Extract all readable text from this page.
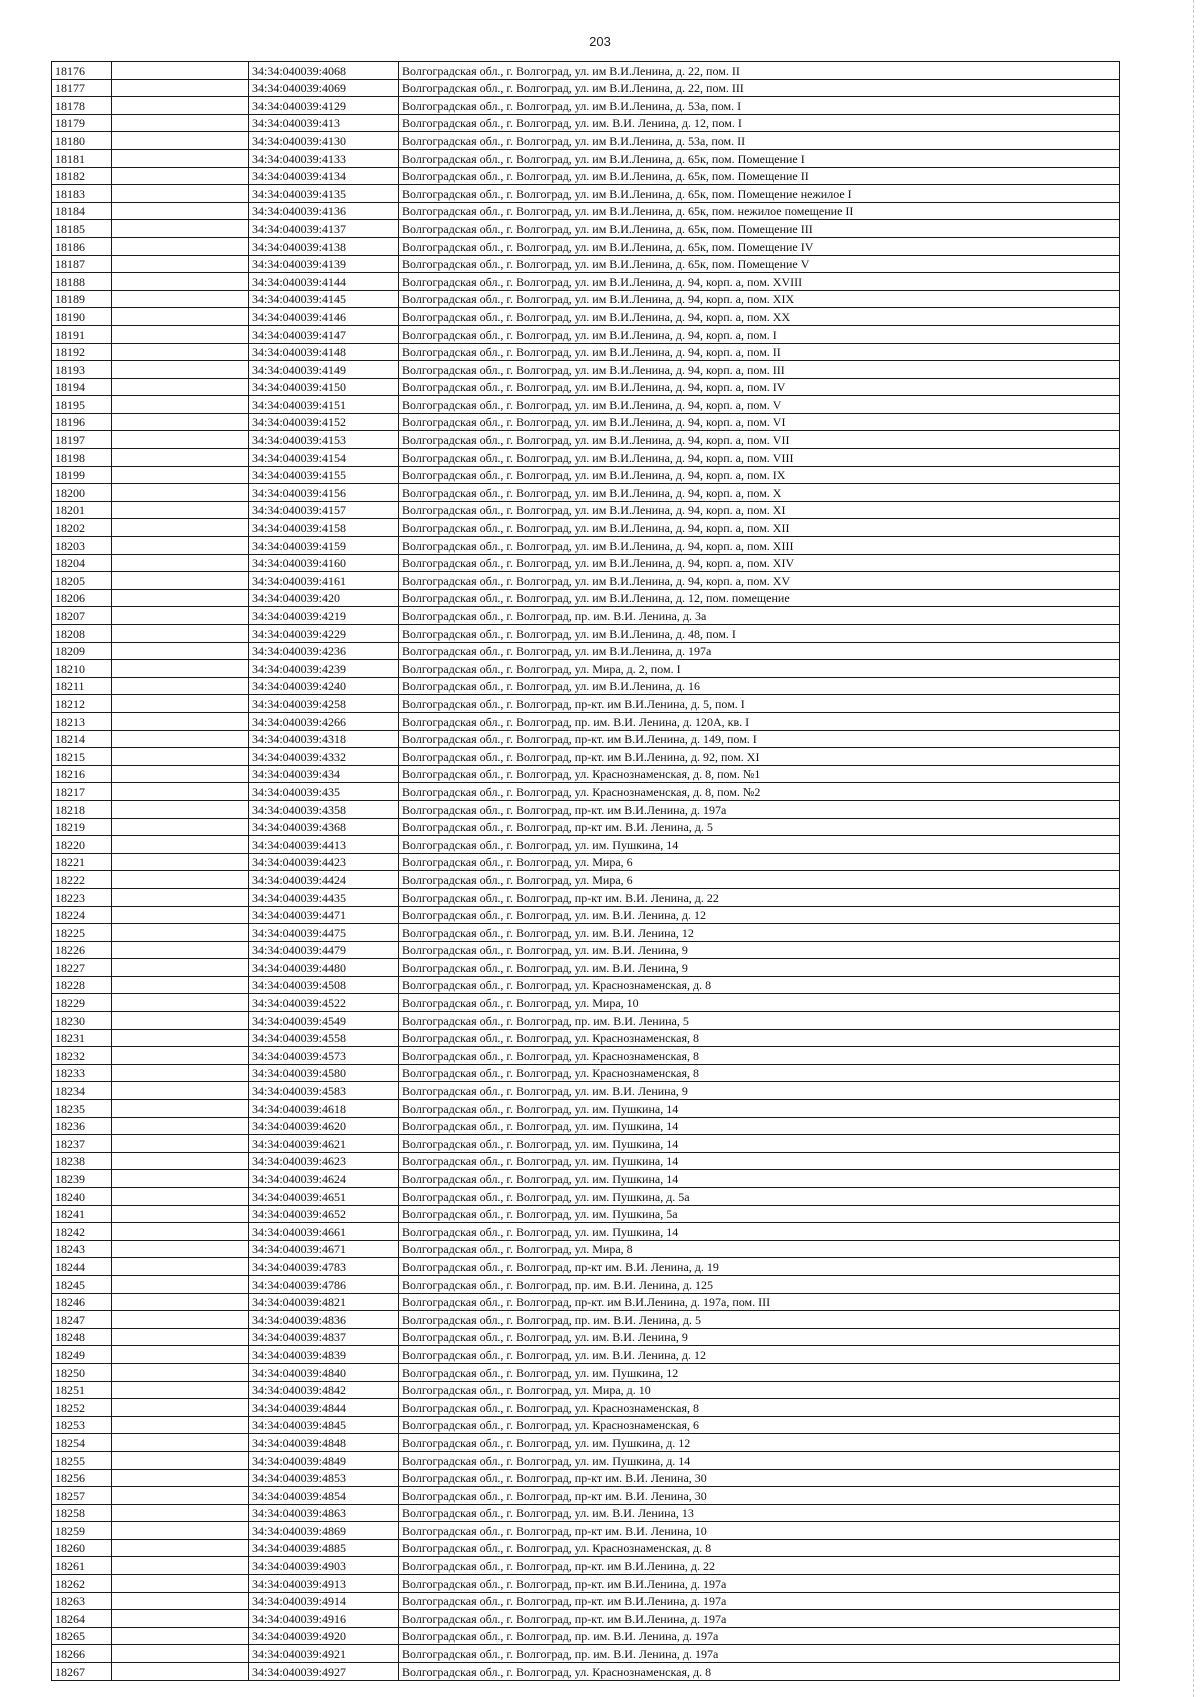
203
18176		34:34:040039:4068	Волгоградская обл., г. Волгоград, ул. им В.И.Ленина, д. 22, пом. II
18177		34:34:040039:4069	Волгоградская обл., г. Волгоград, ул. им В.И.Ленина, д. 22, пом. III
18178		34:34:040039:4129	Волгоградская обл., г. Волгоград, ул. им В.И.Ленина, д. 53а, пом. I
18179		34:34:040039:413	Волгоградская обл., г. Волгоград, ул. им. В.И. Ленина, д. 12, пом. I
18180		34:34:040039:4130	Волгоградская обл., г. Волгоград, ул. им В.И.Ленина, д. 53а, пом. II
18181		34:34:040039:4133	Волгоградская обл., г. Волгоград, ул. им В.И.Ленина, д. 65к, пом. Помещение I
18182		34:34:040039:4134	Волгоградская обл., г. Волгоград, ул. им В.И.Ленина, д. 65к, пом. Помещение II
18183		34:34:040039:4135	Волгоградская обл., г. Волгоград, ул. им В.И.Ленина, д. 65к, пом. Помещение нежилое I
18184		34:34:040039:4136	Волгоградская обл., г. Волгоград, ул. им В.И.Ленина, д. 65к, пом. нежилое помещение II
18185		34:34:040039:4137	Волгоградская обл., г. Волгоград, ул. им В.И.Ленина, д. 65к, пом. Помещение III
18186		34:34:040039:4138	Волгоградская обл., г. Волгоград, ул. им В.И.Ленина, д. 65к, пом. Помещение IV
18187		34:34:040039:4139	Волгоградская обл., г. Волгоград, ул. им В.И.Ленина, д. 65к, пом. Помещение V
18188		34:34:040039:4144	Волгоградская обл., г. Волгоград, ул. им В.И.Ленина, д. 94, корп. а, пом. XVIII
18189		34:34:040039:4145	Волгоградская обл., г. Волгоград, ул. им В.И.Ленина, д. 94, корп. а, пом. XIX
18190		34:34:040039:4146	Волгоградская обл., г. Волгоград, ул. им В.И.Ленина, д. 94, корп. а, пом. XX
18191		34:34:040039:4147	Волгоградская обл., г. Волгоград, ул. им В.И.Ленина, д. 94, корп. а, пом. I
18192		34:34:040039:4148	Волгоградская обл., г. Волгоград, ул. им В.И.Ленина, д. 94, корп. а, пом. II
18193		34:34:040039:4149	Волгоградская обл., г. Волгоград, ул. им В.И.Ленина, д. 94, корп. а, пом. III
18194		34:34:040039:4150	Волгоградская обл., г. Волгоград, ул. им В.И.Ленина, д. 94, корп. а, пом. IV
18195		34:34:040039:4151	Волгоградская обл., г. Волгоград, ул. им В.И.Ленина, д. 94, корп. а, пом. V
18196		34:34:040039:4152	Волгоградская обл., г. Волгоград, ул. им В.И.Ленина, д. 94, корп. а, пом. VI
18197		34:34:040039:4153	Волгоградская обл., г. Волгоград, ул. им В.И.Ленина, д. 94, корп. а, пом. VII
18198		34:34:040039:4154	Волгоградская обл., г. Волгоград, ул. им В.И.Ленина, д. 94, корп. а, пом. VIII
18199		34:34:040039:4155	Волгоградская обл., г. Волгоград, ул. им В.И.Ленина, д. 94, корп. а, пом. IX
18200		34:34:040039:4156	Волгоградская обл., г. Волгоград, ул. им В.И.Ленина, д. 94, корп. а, пом. X
18201		34:34:040039:4157	Волгоградская обл., г. Волгоград, ул. им В.И.Ленина, д. 94, корп. а, пом. XI
18202		34:34:040039:4158	Волгоградская обл., г. Волгоград, ул. им В.И.Ленина, д. 94, корп. а, пом. XII
18203		34:34:040039:4159	Волгоградская обл., г. Волгоград, ул. им В.И.Ленина, д. 94, корп. а, пом. XIII
18204		34:34:040039:4160	Волгоградская обл., г. Волгоград, ул. им В.И.Ленина, д. 94, корп. а, пом. XIV
18205		34:34:040039:4161	Волгоградская обл., г. Волгоград, ул. им В.И.Ленина, д. 94, корп. а, пом. XV
18206		34:34:040039:420	Волгоградская обл., г. Волгоград, ул. им В.И.Ленина, д. 12, пом. помещение
18207		34:34:040039:4219	Волгоградская обл., г. Волгоград, пр. им. В.И. Ленина, д. 3а
18208		34:34:040039:4229	Волгоградская обл., г. Волгоград, ул. им В.И.Ленина, д. 48, пом. I
18209		34:34:040039:4236	Волгоградская обл., г. Волгоград, ул. им В.И.Ленина, д. 197а
18210		34:34:040039:4239	Волгоградская обл., г. Волгоград, ул. Мира, д. 2, пом. I
18211		34:34:040039:4240	Волгоградская обл., г. Волгоград, ул. им В.И.Ленина, д. 16
18212		34:34:040039:4258	Волгоградская обл., г. Волгоград, пр-кт. им В.И.Ленина, д. 5, пом. I
18213		34:34:040039:4266	Волгоградская обл., г. Волгоград, пр. им. В.И. Ленина, д. 120А, кв. I
18214		34:34:040039:4318	Волгоградская обл., г. Волгоград, пр-кт. им В.И.Ленина, д. 149, пом. I
18215		34:34:040039:4332	Волгоградская обл., г. Волгоград, пр-кт. им В.И.Ленина, д. 92, пом. XI
18216		34:34:040039:434	Волгоградская обл., г. Волгоград, ул. Краснознаменская, д. 8, пом. №1
18217		34:34:040039:435	Волгоградская обл., г. Волгоград, ул. Краснознаменская, д. 8, пом. №2
18218		34:34:040039:4358	Волгоградская обл., г. Волгоград, пр-кт. им В.И.Ленина, д. 197а
18219		34:34:040039:4368	Волгоградская обл., г. Волгоград, пр-кт им. В.И. Ленина, д. 5
18220		34:34:040039:4413	Волгоградская обл., г. Волгоград, ул. им. Пушкина, 14
18221		34:34:040039:4423	Волгоградская обл., г. Волгоград, ул. Мира, 6
18222		34:34:040039:4424	Волгоградская обл., г. Волгоград, ул. Мира, 6
18223		34:34:040039:4435	Волгоградская обл., г. Волгоград, пр-кт им. В.И. Ленина, д. 22
18224		34:34:040039:4471	Волгоградская обл., г. Волгоград, ул. им. В.И. Ленина, д. 12
18225		34:34:040039:4475	Волгоградская обл., г. Волгоград, ул. им. В.И. Ленина, 12
18226		34:34:040039:4479	Волгоградская обл., г. Волгоград, ул. им. В.И. Ленина, 9
18227		34:34:040039:4480	Волгоградская обл., г. Волгоград, ул. им. В.И. Ленина, 9
18228		34:34:040039:4508	Волгоградская обл., г. Волгоград, ул. Краснознаменская, д. 8
18229		34:34:040039:4522	Волгоградская обл., г. Волгоград, ул. Мира, 10
18230		34:34:040039:4549	Волгоградская обл., г. Волгоград, пр. им. В.И. Ленина, 5
18231		34:34:040039:4558	Волгоградская обл., г. Волгоград, ул. Краснознаменская, 8
18232		34:34:040039:4573	Волгоградская обл., г. Волгоград, ул. Краснознаменская, 8
18233		34:34:040039:4580	Волгоградская обл., г. Волгоград, ул. Краснознаменская, 8
18234		34:34:040039:4583	Волгоградская обл., г. Волгоград, ул. им. В.И. Ленина, 9
18235		34:34:040039:4618	Волгоградская обл., г. Волгоград, ул. им. Пушкина, 14
18236		34:34:040039:4620	Волгоградская обл., г. Волгоград, ул. им. Пушкина, 14
18237		34:34:040039:4621	Волгоградская обл., г. Волгоград, ул. им. Пушкина, 14
18238		34:34:040039:4623	Волгоградская обл., г. Волгоград, ул. им. Пушкина, 14
18239		34:34:040039:4624	Волгоградская обл., г. Волгоград, ул. им. Пушкина, 14
18240		34:34:040039:4651	Волгоградская обл., г. Волгоград, ул. им. Пушкина, д. 5а
18241		34:34:040039:4652	Волгоградская обл., г. Волгоград, ул. им. Пушкина, 5а
18242		34:34:040039:4661	Волгоградская обл., г. Волгоград, ул. им. Пушкина, 14
18243		34:34:040039:4671	Волгоградская обл., г. Волгоград, ул. Мира, 8
18244		34:34:040039:4783	Волгоградская обл., г. Волгоград, пр-кт им. В.И. Ленина, д. 19
18245		34:34:040039:4786	Волгоградская обл., г. Волгоград, пр. им. В.И. Ленина, д. 125
18246		34:34:040039:4821	Волгоградская обл., г. Волгоград, пр-кт. им В.И.Ленина, д. 197а, пом. III
18247		34:34:040039:4836	Волгоградская обл., г. Волгоград, пр. им. В.И. Ленина, д. 5
18248		34:34:040039:4837	Волгоградская обл., г. Волгоград, ул. им. В.И. Ленина, 9
18249		34:34:040039:4839	Волгоградская обл., г. Волгоград, ул. им. В.И. Ленина, д. 12
18250		34:34:040039:4840	Волгоградская обл., г. Волгоград, ул. им. Пушкина, 12
18251		34:34:040039:4842	Волгоградская обл., г. Волгоград, ул. Мира, д. 10
18252		34:34:040039:4844	Волгоградская обл., г. Волгоград, ул. Краснознаменская, 8
18253		34:34:040039:4845	Волгоградская обл., г. Волгоград, ул. Краснознаменская, 6
18254		34:34:040039:4848	Волгоградская обл., г. Волгоград, ул. им. Пушкина, д. 12
18255		34:34:040039:4849	Волгоградская обл., г. Волгоград, ул. им. Пушкина, д. 14
18256		34:34:040039:4853	Волгоградская обл., г. Волгоград, пр-кт им. В.И. Ленина, 30
18257		34:34:040039:4854	Волгоградская обл., г. Волгоград, пр-кт им. В.И. Ленина, 30
18258		34:34:040039:4863	Волгоградская обл., г. Волгоград, ул. им. В.И. Ленина, 13
18259		34:34:040039:4869	Волгоградская обл., г. Волгоград, пр-кт им. В.И. Ленина, 10
18260		34:34:040039:4885	Волгоградская обл., г. Волгоград, ул. Краснознаменская, д. 8
18261		34:34:040039:4903	Волгоградская обл., г. Волгоград, пр-кт. им В.И.Ленина, д. 22
18262		34:34:040039:4913	Волгоградская обл., г. Волгоград, пр-кт. им В.И.Ленина, д. 197а
18263		34:34:040039:4914	Волгоградская обл., г. Волгоград, пр-кт. им В.И.Ленина, д. 197а
18264		34:34:040039:4916	Волгоградская обл., г. Волгоград, пр-кт. им В.И.Ленина, д. 197а
18265		34:34:040039:4920	Волгоградская обл., г. Волгоград, пр. им. В.И. Ленина, д. 197а
18266		34:34:040039:4921	Волгоградская обл., г. Волгоград, пр. им. В.И. Ленина, д. 197а
18267		34:34:040039:4927	Волгоградская обл., г. Волгоград, ул. Краснознаменская, д. 8
